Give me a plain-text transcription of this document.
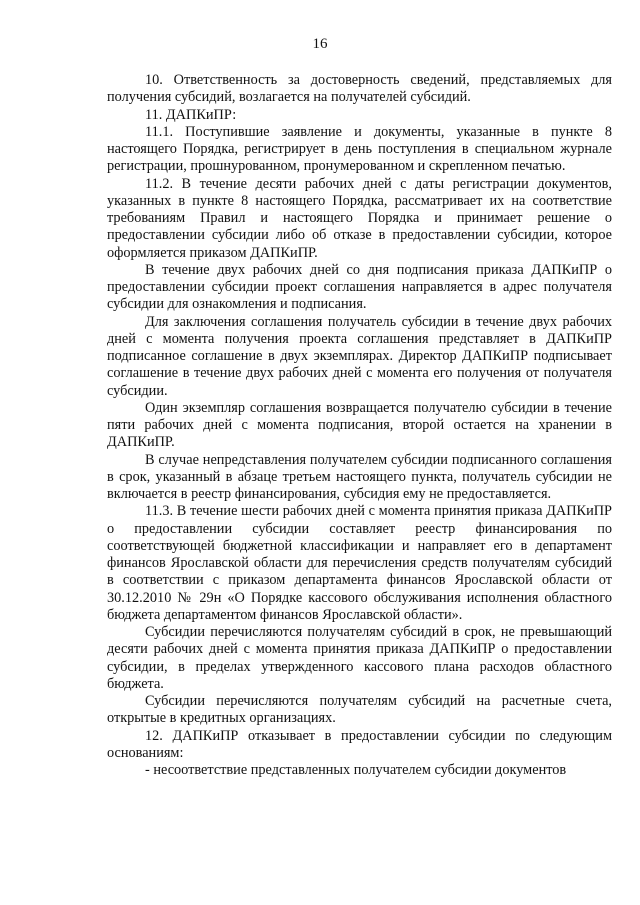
16

10. Ответственность за достоверность сведений, представляемых для получения субсидий, возлагается на получателей субсидий.

11. ДАПКиПР:

11.1. Поступившие заявление и документы, указанные в пункте 8 настоящего Порядка, регистрирует в день поступления в специальном журнале регистрации, прошнурованном, пронумерованном и скрепленном печатью.

11.2. В течение десяти рабочих дней с даты регистрации документов, указанных в пункте 8 настоящего Порядка, рассматривает их на соответствие требованиям Правил и настоящего Порядка и принимает решение о предоставлении субсидии либо об отказе в предоставлении субсидии, которое оформляется приказом ДАПКиПР.

В течение двух рабочих дней со дня подписания приказа ДАПКиПР о предоставлении субсидии проект соглашения направляется в адрес получателя субсидии для ознакомления и подписания.

Для заключения соглашения получатель субсидии в течение двух рабочих дней с момента получения проекта соглашения представляет в ДАПКиПР подписанное соглашение в двух экземплярах. Директор ДАПКиПР подписывает соглашение в течение двух рабочих дней с момента его получения от получателя субсидии.

Один экземпляр соглашения возвращается получателю субсидии в течение пяти рабочих дней с момента подписания, второй остается на хранении в ДАПКиПР.

В случае непредставления получателем субсидии подписанного соглашения в срок, указанный в абзаце третьем настоящего пункта, получатель субсидии не включается в реестр финансирования, субсидия ему не предоставляется.

11.3. В течение шести рабочих дней с момента принятия приказа ДАПКиПР о предоставлении субсидии составляет реестр финансирования по соответствующей бюджетной классификации и направляет его в департамент финансов Ярославской области для перечисления средств получателям субсидий в соответствии с приказом департамента финансов Ярославской области от 30.12.2010 № 29н «О Порядке кассового обслуживания исполнения областного бюджета департаментом финансов Ярославской области».

Субсидии перечисляются получателям субсидий в срок, не превышающий десяти рабочих дней с момента принятия приказа ДАПКиПР о предоставлении субсидии, в пределах утвержденного кассового плана расходов областного бюджета.

Субсидии перечисляются получателям субсидий на расчетные счета, открытые в кредитных организациях.

12. ДАПКиПР отказывает в предоставлении субсидии по следующим основаниям:

- несоответствие представленных получателем субсидии документов
